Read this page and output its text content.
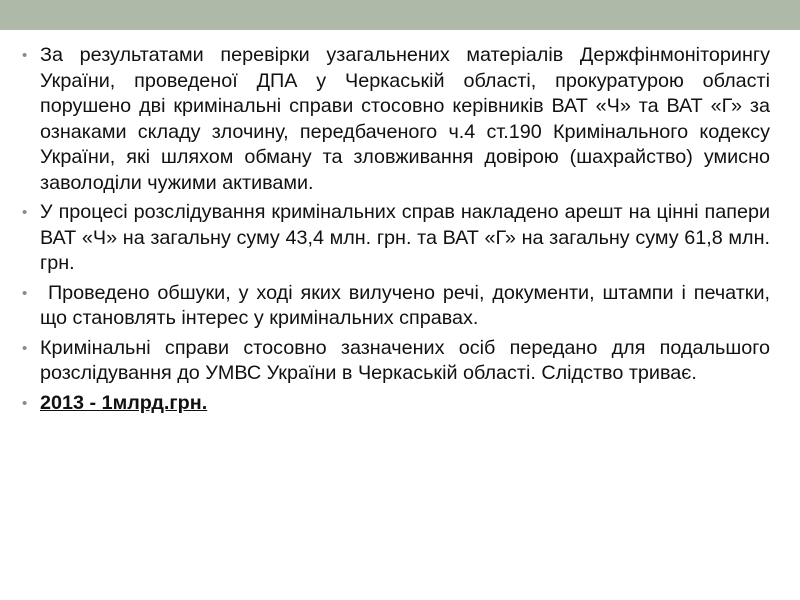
• За результатами перевірки узагальнених матеріалів Держфінмоніторингу України, проведеної ДПА у Черкаській області, прокуратурою області порушено дві кримінальні справи стосовно керівників ВАТ «Ч» та ВАТ «Г» за ознаками складу злочину, передбаченого ч.4 ст.190 Кримінального кодексу України, які шляхом обману та зловживання довірою (шахрайство) умисно заволоділи чужими активами.
• У процесі розслідування кримінальних справ накладено арешт на цінні папери ВАТ «Ч» на загальну суму 43,4 млн. грн. та ВАТ «Г» на загальну суму 61,8 млн. грн.
• Проведено обшуки, у ході яких вилучено речі, документи, штампи і печатки, що становлять інтерес у кримінальних справах.
• Кримінальні справи стосовно зазначених осіб передано для подальшого розслідування до УМВС України в Черкаській області. Слідство триває.
• 2013 - 1млрд.грн.
